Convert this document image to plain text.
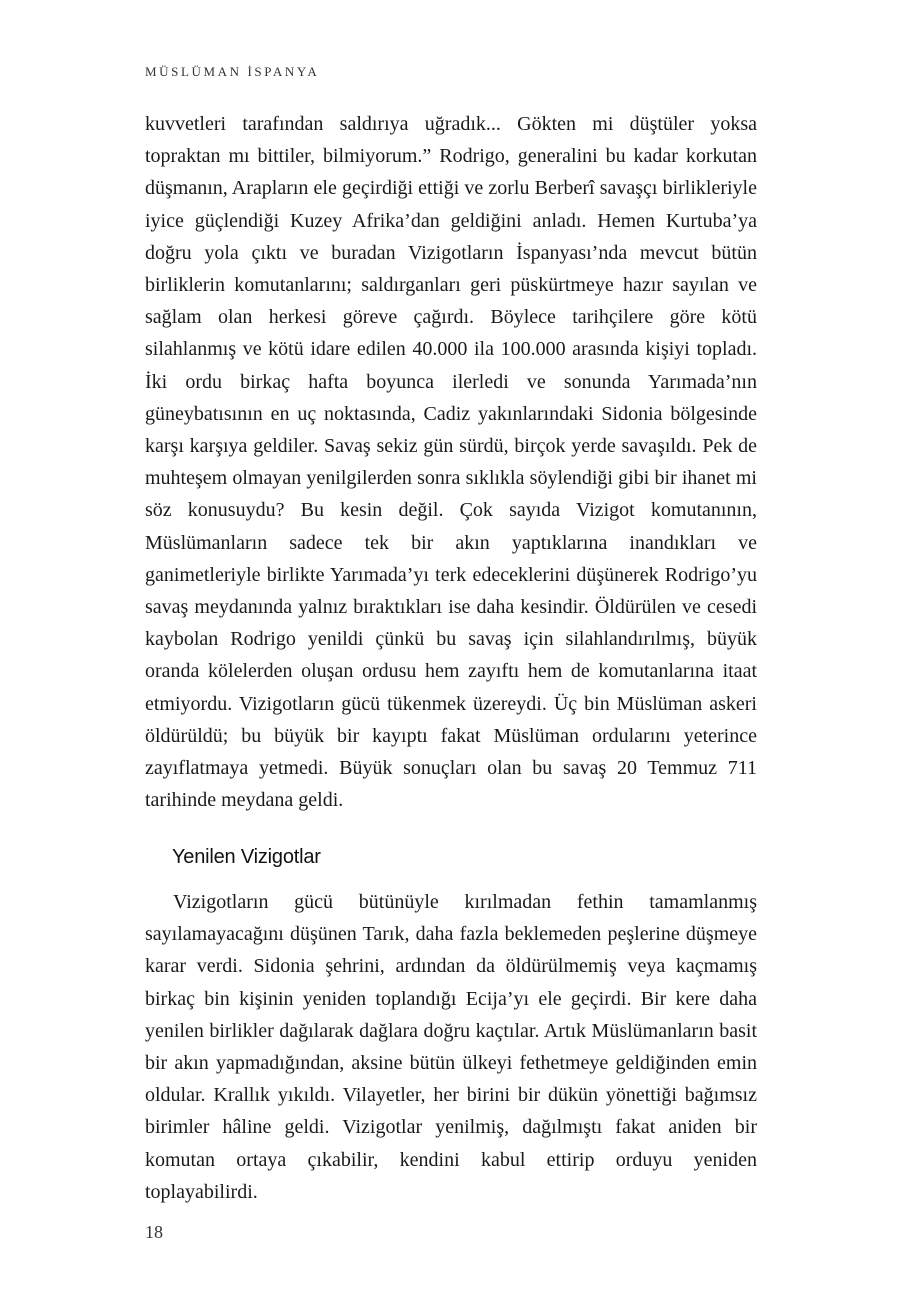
MÜSLÜMAN İSPANYA

kuvvetleri tarafından saldırıya uğradık... Gökten mi düştüler yoksa topraktan mı bittiler, bilmiyorum.” Rodrigo, generalini bu kadar korkutan düşmanın, Arapların ele geçirdiği ettiği ve zorlu Berberî savaşçı birlikleriyle iyice güçlendiği Kuzey Afrika’dan geldiğini anladı. Hemen Kurtuba’ya doğru yola çıktı ve buradan Vizigotların İspanyası’nda mevcut bütün birliklerin komutanlarını; saldırganları geri püskürtmeye hazır sayılan ve sağlam olan herkesi göreve çağırdı. Böylece tarihçilere göre kötü silahlanmış ve kötü idare edilen 40.000 ila 100.000 arasında kişiyi topladı. İki ordu birkaç hafta boyunca ilerledi ve sonunda Yarımada’nın güneybatısının en uç noktasında, Cadiz yakınlarındaki Sidonia bölgesinde karşı karşıya geldiler. Savaş sekiz gün sürdü, birçok yerde savaşıldı. Pek de muhteşem olmayan yenilgilerden sonra sıklıkla söylendiği gibi bir ihanet mi söz konusuydu? Bu kesin değil. Çok sayıda Vizigot komutanının, Müslümanların sadece tek bir akın yaptıklarına inandıkları ve ganimetleriyle birlikte Yarımada’yı terk edeceklerini düşünerek Rodrigo’yu savaş meydanında yalnız bıraktıkları ise daha kesindir. Öldürülen ve cesedi kaybolan Rodrigo yenildi çünkü bu savaş için silahlandırılmış, büyük oranda kölelerden oluşan ordusu hem zayıftı hem de komutanlarına itaat etmiyordu. Vizigotların gücü tükenmek üzereydi. Üç bin Müslüman askeri öldürüldü; bu büyük bir kayıptı fakat Müslüman ordularını yeterince zayıflatmaya yetmedi. Büyük sonuçları olan bu savaş 20 Temmuz 711 tarihinde meydana geldi.

Yenilen Vizigotlar

Vizigotların gücü bütünüyle kırılmadan fethin tamamlanmış sayılamayacağını düşünen Tarık, daha fazla beklemeden peşlerine düşmeye karar verdi. Sidonia şehrini, ardından da öldürülmemiş veya kaçmamış birkaç bin kişinin yeniden toplandığı Ecija’yı ele geçirdi. Bir kere daha yenilen birlikler dağılarak dağlara doğru kaçtılar. Artık Müslümanların basit bir akın yapmadığından, aksine bütün ülkeyi fethetmeye geldiğinden emin oldular. Krallık yıkıldı. Vilayetler, her birini bir dükün yönettiği bağımsız birimler hâline geldi. Vizigotlar yenilmiş, dağılmıştı fakat aniden bir komutan ortaya çıkabilir, kendini kabul ettirip orduyu yeniden toplayabilirdi.

18
